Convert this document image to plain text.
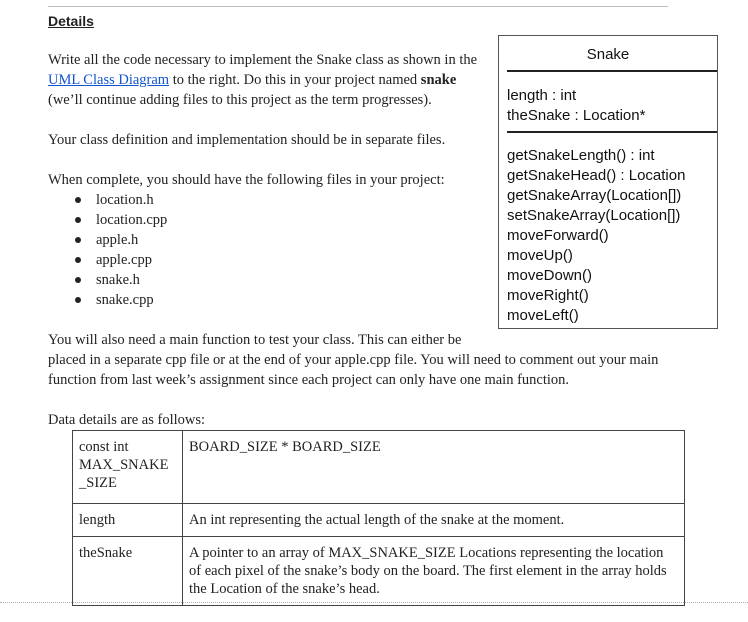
Details
Write all the code necessary to implement the Snake class as shown in the
UML Class Diagram to the right. Do this in your project named snake
(we’ll continue adding files to this project as the term progresses).
Your class definition and implementation should be in separate files.
When complete, you should have the following files in your project:
location.h
location.cpp
apple.h
apple.cpp
snake.h
snake.cpp
You will also need a main function to test your class. This can either be
placed in a separate cpp file or at the end of your apple.cpp file. You will need to comment out your main
function from last week’s assignment since each project can only have one main function.
Data details are as follows:
Snake
length : int
theSnake : Location*
getSnakeLength() : int
getSnakeHead() : Location
getSnakeArray(Location[])
setSnakeArray(Location[])
moveForward()
moveUp()
moveDown()
moveRight()
moveLeft()
const int
MAX_SNAKE
_SIZE	BOARD_SIZE * BOARD_SIZE

length	An int representing the actual length of the snake at the moment.

theSnake	A pointer to an array of MAX_SNAKE_SIZE Locations representing the location
of each pixel of the snake’s body on the board. The first element in the array holds
the Location of the snake’s head.
